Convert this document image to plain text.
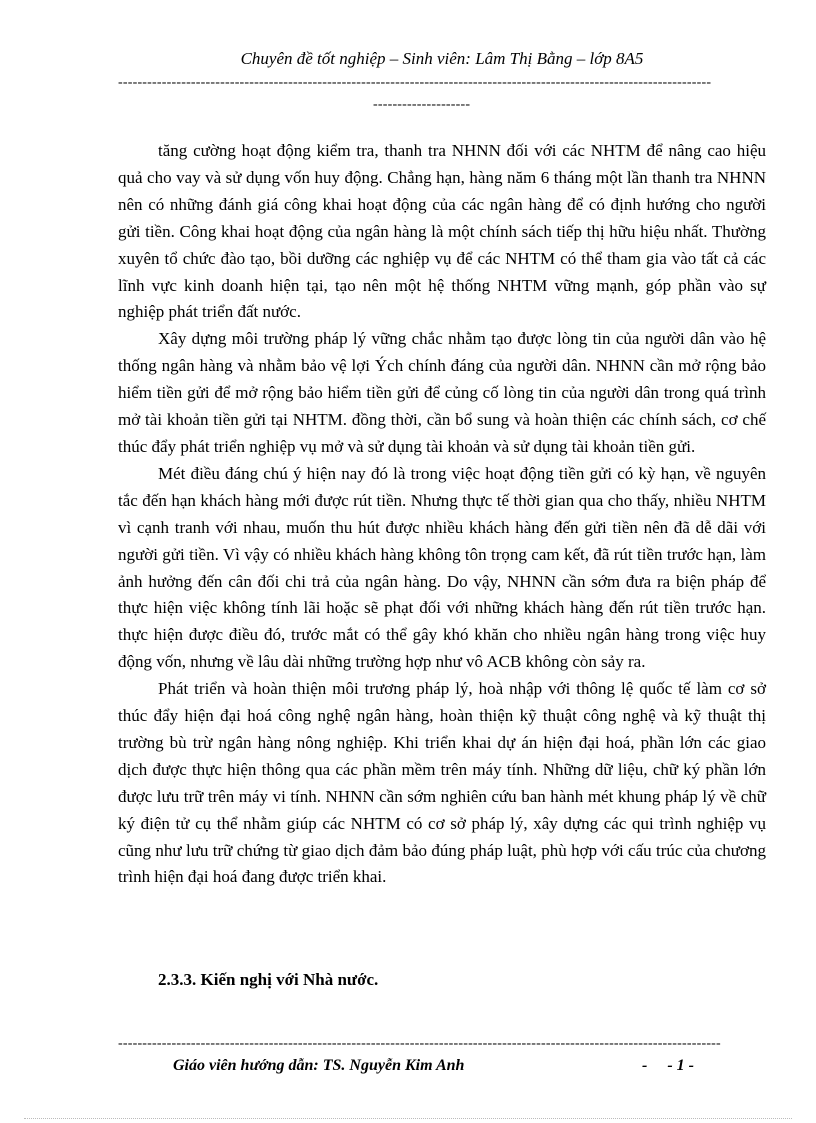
Chuyên đề tốt nghiệp – Sinh viên: Lâm Thị Bằng – lớp 8A5
--------------------------------------------------------------------------------------------------------------------------
--------------------

tăng cường hoạt động kiểm tra, thanh tra NHNN đối với các NHTM để nâng cao hiệu quả cho vay và sử dụng vốn huy động. Chẳng hạn, hàng năm 6 tháng một lần thanh tra NHNN nên có những đánh giá công khai hoạt động của các ngân hàng để có định hướng cho người gửi tiền. Công khai hoạt động của ngân hàng là một chính sách tiếp thị hữu hiệu nhất. Thường xuyên tổ chức đào tạo, bồi dưỡng các nghiệp vụ để các NHTM có thể tham gia vào tất cả các lĩnh vực kinh doanh hiện tại, tạo nên một hệ thống NHTM vững mạnh, góp phần vào sự nghiệp phát triển đất nước.

Xây dựng môi trường pháp lý vững chắc nhằm tạo được lòng tin của người dân vào hệ thống ngân hàng và nhằm bảo vệ lợi Ých chính đáng của người dân. NHNN cần mở rộng bảo hiểm tiền gửi để mở rộng bảo hiểm tiền gửi để củng cố lòng tin của người dân trong quá trình mở tài khoản tiền gửi tại NHTM. đồng thời, cần bổ sung và hoàn thiện các chính sách, cơ chế thúc đẩy phát triển nghiệp vụ mở và sử dụng tài khoản và sử dụng tài khoản tiền gửi.

Mét điều đáng chú ý hiện nay đó là trong việc hoạt động tiền gửi có kỳ hạn, về nguyên tắc đến hạn khách hàng mới được rút tiền. Nhưng thực tế thời gian qua cho thấy, nhiều NHTM vì cạnh tranh với nhau, muốn thu hút được nhiều khách hàng đến gửi tiền nên đã dễ dãi với người gửi tiền. Vì vậy có nhiều khách hàng không tôn trọng cam kết, đã rút tiền trước hạn, làm ảnh hưởng đến cân đối chi trả của ngân hàng. Do vậy, NHNN cần sớm đưa ra biện pháp để thực hiện việc không tính lãi hoặc sẽ phạt đối với những khách hàng đến rút tiền trước hạn. thực hiện được điều đó, trước mắt có thể gây khó khăn cho nhiều ngân hàng trong việc huy động vốn, nhưng về lâu dài những trường hợp như vô ACB không còn sảy ra.

Phát triển và hoàn thiện môi trương pháp lý, hoà nhập với thông lệ quốc tế làm cơ sở thúc đẩy hiện đại hoá công nghệ ngân hàng, hoàn thiện kỹ thuật công nghệ và kỹ thuật thị trường bù trừ ngân hàng nông nghiệp. Khi triển khai dự án hiện đại hoá, phần lớn các giao dịch được thực hiện thông qua các phần mềm trên máy tính. Những dữ liệu, chữ ký phần lớn được lưu trữ trên máy vi tính. NHNN cần sớm nghiên cứu ban hành mét khung pháp lý về chữ ký điện tử cụ thể nhằm giúp các NHTM có cơ sở pháp lý, xây dựng các qui trình nghiệp vụ cũng như lưu trữ chứng từ giao dịch đảm bảo đúng pháp luật, phù hợp với cấu trúc của chương trình hiện đại hoá đang được triển khai.

2.3.3. Kiến nghị với Nhà nước.
----------------------------------------------------------------------------------------------------------------------------
Giáo viên hướng dẫn: TS. Nguyễn Kim Anh	-     - 1 -
